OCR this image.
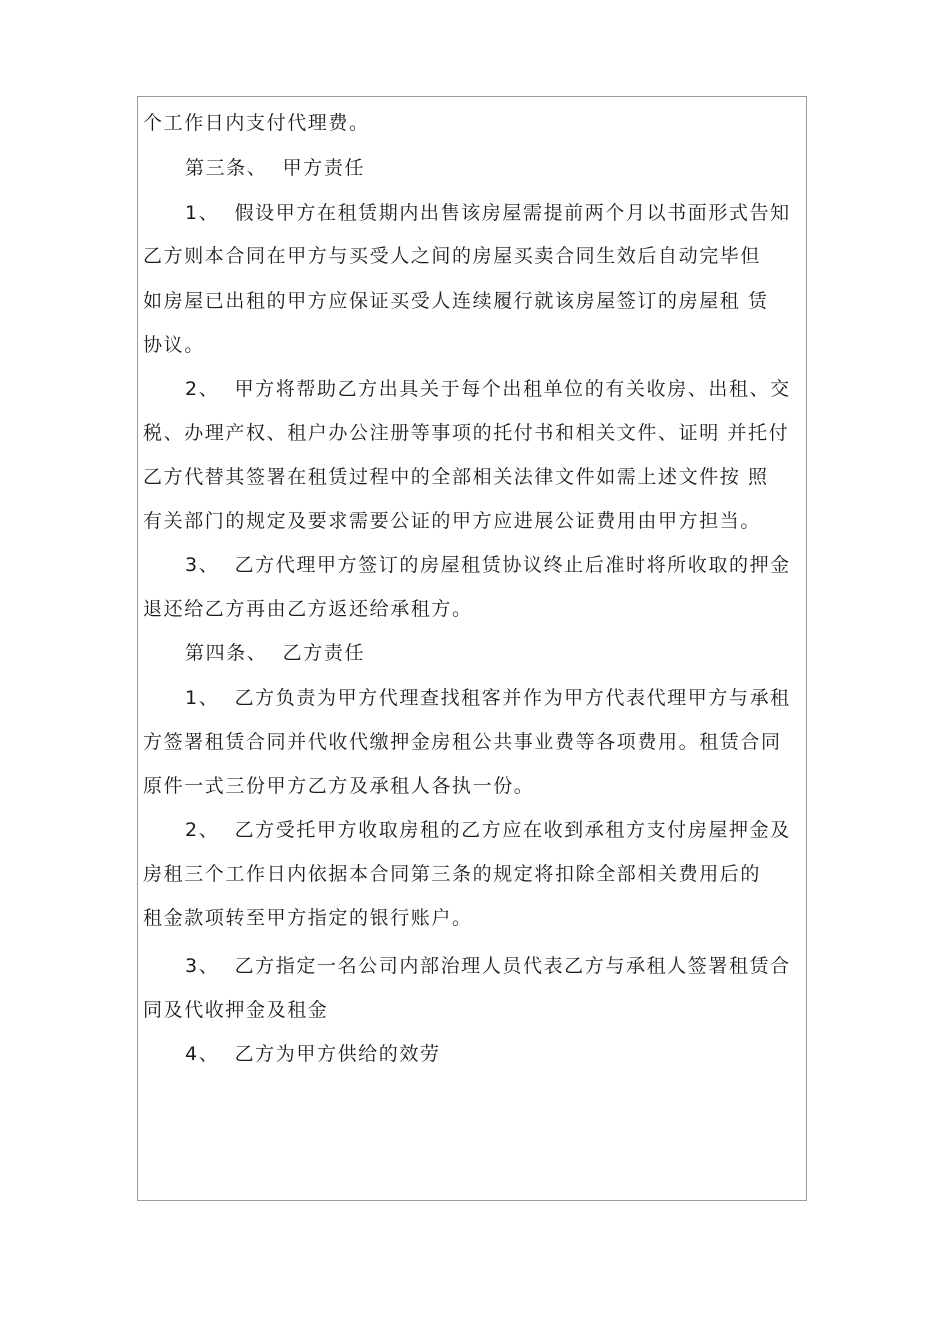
个工作日内支付代理费。
第三条、  甲方责任
1、  假设甲方在租赁期内出售该房屋需提前两个月以书面形式告知
乙方则本合同在甲方与买受人之间的房屋买卖合同生效后自动完毕但
如房屋已出租的甲方应保证买受人连续履行就该房屋签订的房屋租 赁
协议。
2、  甲方将帮助乙方出具关于每个出租单位的有关收房、出租、交
税、办理产权、租户办公注册等事项的托付书和相关文件、证明 并托付
乙方代替其签署在租赁过程中的全部相关法律文件如需上述文件按 照
有关部门的规定及要求需要公证的甲方应进展公证费用由甲方担当。
3、  乙方代理甲方签订的房屋租赁协议终止后准时将所收取的押金
退还给乙方再由乙方返还给承租方。
第四条、  乙方责任
1、  乙方负责为甲方代理查找租客并作为甲方代表代理甲方与承租
方签署租赁合同并代收代缴押金房租公共事业费等各项费用。租赁合同
原件一式三份甲方乙方及承租人各执一份。
2、  乙方受托甲方收取房租的乙方应在收到承租方支付房屋押金及
房租三个工作日内依据本合同第三条的规定将扣除全部相关费用后的
租金款项转至甲方指定的银行账户。
3、  乙方指定一名公司内部治理人员代表乙方与承租人签署租赁合
同及代收押金及租金
4、  乙方为甲方供给的效劳
